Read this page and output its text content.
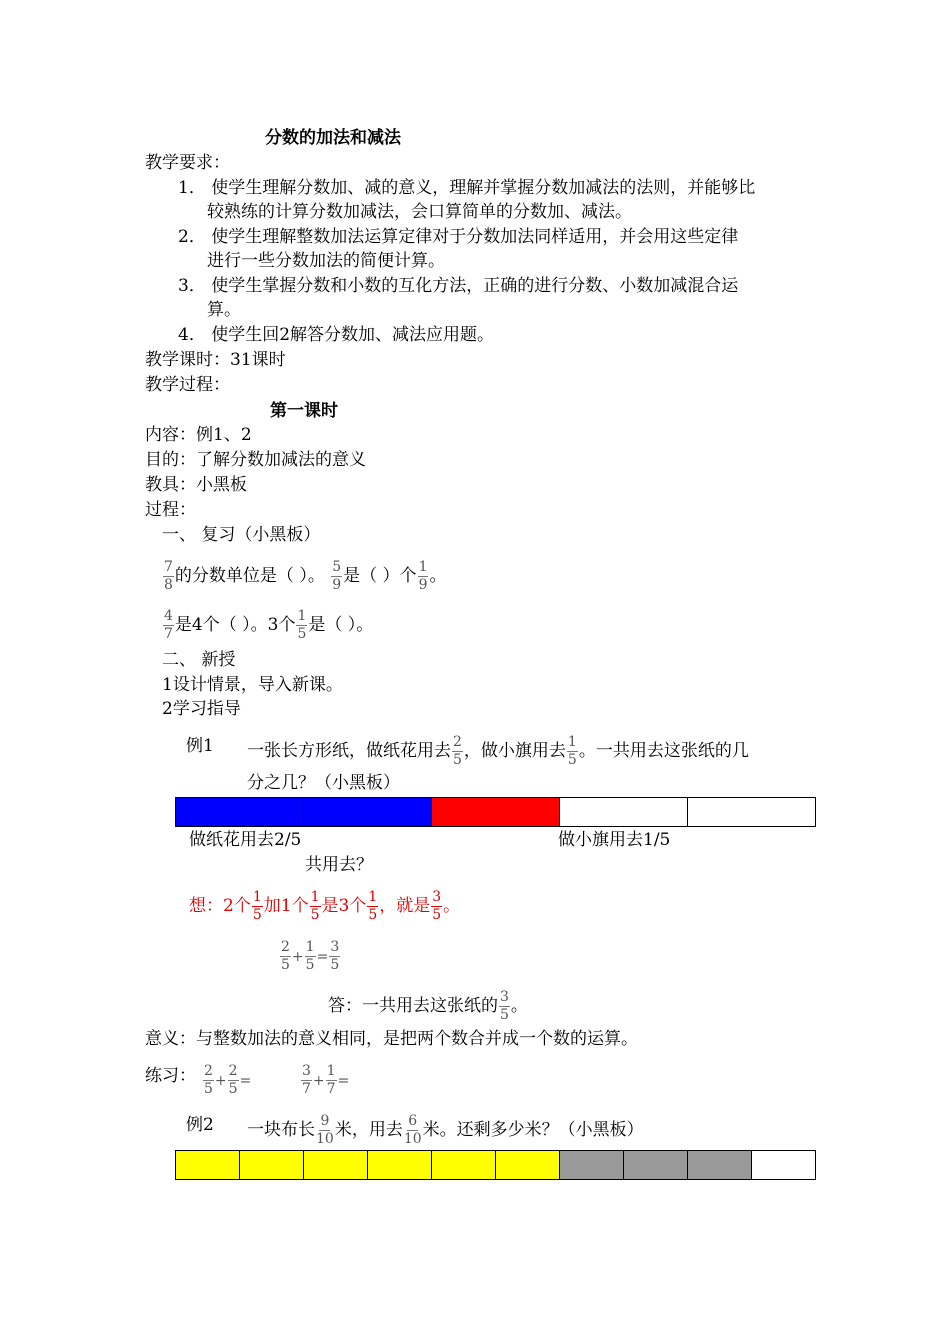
分数的加法和减法
教学要求：
1． 使学生理解分数加、减的意义，理解并掌握分数加减法的法则，并能够比
较熟练的计算分数加减法，会口算简单的分数加、减法。
2． 使学生理解整数加法运算定律对于分数加法同样适用，并会用这些定律
进行一些分数加法的简便计算。
3． 使学生掌握分数和小数的互化方法，正确的进行分数、小数加减混合运
算。
4． 使学生回2解答分数加、减法应用题。
教学课时：31课时
教学过程：
第一课时
内容：例1、2
目的：了解分数加减法的意义
教具：小黑板
过程：
一、 复习（小黑板）
$\frac{7}{8}$ 的分数单位是（ ）。 $\frac{5}{9}$ 是（ ）个 $\frac{1}{9}$ 。
$\frac{4}{7}$ 是4个（ ）。3个 $\frac{1}{5}$ 是（ ）。
二、 新授
1设计情景，导入新课。
2学习指导
例1 一张长方形纸，做纸花用去 $\frac{2}{5}$ ，做小旗用去 $\frac{1}{5}$ 。一共用去这张纸的几
分之几？（小黑板）
做纸花用去2/5	做小旗用去1/5
共用去？
想：2个 $\frac{1}{5}$ 加1个 $\frac{1}{5}$ 是3个 $\frac{1}{5}$ ，就是 $\frac{3}{5}$ 。
$\frac{2}{5} + \frac{1}{5} = \frac{3}{5}$
答：一共用去这张纸的 $\frac{3}{5}$ 。
意义：与整数加法的意义相同，是把两个数合并成一个数的运算。
练习： $\frac{2}{5} + \frac{2}{5}$ =	$\frac{3}{7} + \frac{1}{7}$ =
例2 一块布长 $\frac{9}{10}$ 米，用去 $\frac{6}{10}$ 米。还剩多少米？（小黑板）
